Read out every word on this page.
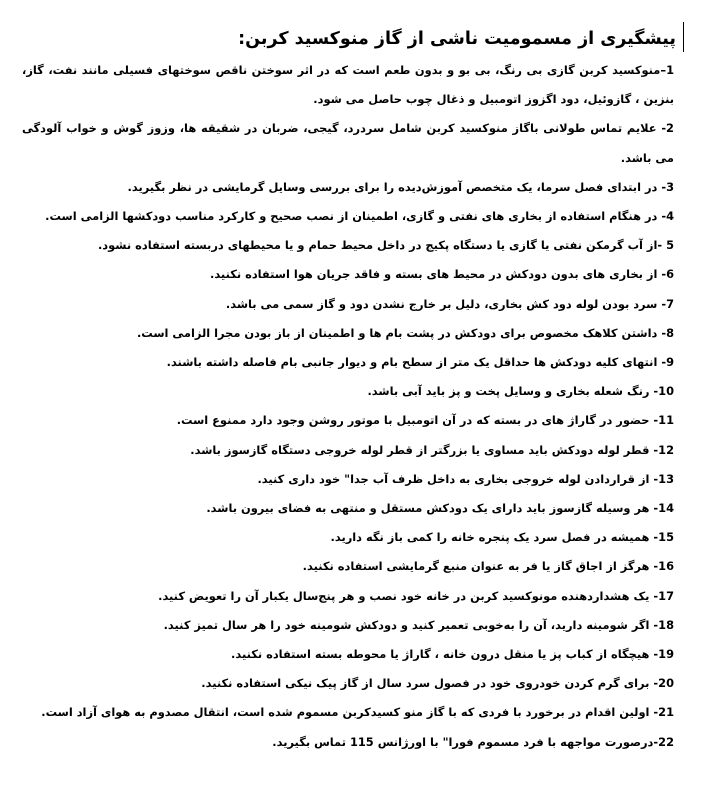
پیشگیری از مسمومیت ناشی از گاز منوکسید کربن:
1–منوکسید کربن گازی بی رنگ، بی بو و بدون طعم است که در اثر سوختن ناقص سوختهای فسیلی مانند نفت، گاز، بنزین ، گازوئیل، دود اگزوز اتومبیل و ذغال چوب حاصل می شود.
2- علایم تماس طولانی باگاز منوکسید کربن شامل سردرد، گیجی، ضربان در شقیقه ها، وزوز گوش و خواب آلودگی می باشد.
3- در ابتدای فصل سرما، یک متخصص آموزش‌دیده را برای بررسی وسایل گرمایشی در نظر بگیرید.
4- در هنگام استفاده از بخاری های نفتی و گازی، اطمینان از نصب صحیح و کارکرد مناسب دودکشها الزامی است.
5 -از آب گرمکن نفتی یا گازی یا دستگاه پکیج در داخل محیط حمام و یا محیطهای دربسته استفاده نشود.
6- از بخاری های بدون دودکش در محیط های بسته و فاقد جریان هوا استفاده نکنید.
7- سرد بودن لوله دود کش بخاری، دلیل بر خارج نشدن دود و گاز سمی می باشد.
8- داشتن کلاهک مخصوص برای دودکش در پشت بام ها و اطمینان از باز بودن مجرا الزامی است.
9- انتهای کلیه دودکش ها حداقل یک متر از سطح بام و دیوار جانبی بام فاصله داشته باشند.
10- رنگ شعله بخاری و وسایل پخت و پز باید آبی باشد.
11- حضور در گاراژ های در بسته که در آن اتومبیل با موتور روشن وجود دارد ممنوع است.
12- قطر لوله دودکش باید مساوی یا بزرگتر از قطر لوله خروجی دستگاه گازسوز باشد.
13- از قراردادن لوله خروجی بخاری به داخل ظرف آب جدا" خود داری کنید.
14- هر وسیله گازسوز باید دارای یک دودکش مستقل و منتهی به فضای بیرون باشد.
15- همیشه در فصل سرد یک پنجره خانه را کمی باز نگه دارید.
16- هرگز از اجاق گاز یا فر به عنوان منبع گرمایشی استفاده نکنید.
17- یک هشداردهنده مونوکسید کربن در خانه خود نصب و هر پنج‌سال یکبار آن را تعویض کنید.
18- اگر شومینه دارید، آن را به‌خوبی تعمیر کنید و دودکش شومینه خود را هر سال تمیز کنید.
19- هیچگاه از کباب پز یا منقل درون خانه ، گاراژ یا محوطه بسته استفاده نکنید.
20- برای گرم کردن خودروی خود در فصول سرد سال از گاز پیک نیکی استفاده نکنید.
21- اولین اقدام در برخورد با فردی که با گاز منو کسیدکربن مسموم شده است، انتقال مصدوم به هوای آزاد است.
22-درصورت مواجهه با فرد مسموم فورا" با اورژانس 115 تماس بگیرید.
